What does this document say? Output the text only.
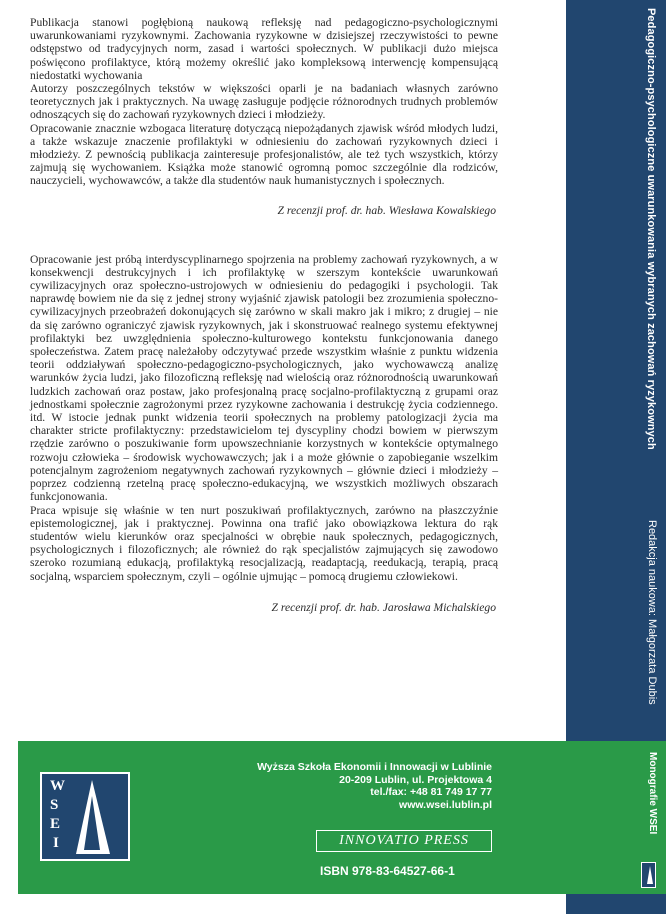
Publikacja stanowi pogłębioną naukową refleksję nad pedagogiczno-psychologicznymi uwarunkowaniami ryzykownymi. Zachowania ryzykowne w dzisiejszej rzeczywistości to pewne odstępstwo od tradycyjnych norm, zasad i wartości społecznych. W publikacji dużo miejsca poświęcono profilaktyce, którą możemy określić jako kompleksową interwencję kompensującą niedostatki wychowania

Autorzy poszczególnych tekstów w większości oparli je na badaniach własnych zarówno teoretycznych jak i praktycznych. Na uwagę zasługuje podjęcie różnorodnych trudnych problemów odnoszących się do zachowań ryzykownych dzieci i młodzieży.

Opracowanie znacznie wzbogaca literaturę dotyczącą niepożądanych zjawisk wśród młodych ludzi, a także wskazuje znaczenie profilaktyki w odniesieniu do zachowań ryzykownych dzieci i młodzieży. Z pewnością publikacja zainteresuje profesjonalistów, ale też tych wszystkich, którzy zajmują się wychowaniem. Książka może stanowić ogromną pomoc szczególnie dla rodziców, nauczycieli, wychowawców, a także dla studentów nauk humanistycznych i społecznych.

Z recenzji prof. dr. hab. Wiesława Kowalskiego

Opracowanie jest próbą interdyscyplinarnego spojrzenia na problemy zachowań ryzykownych, a w konsekwencji destrukcyjnych i ich profilaktykę w szerszym kontekście uwarunkowań cywilizacyjnych oraz społeczno-ustrojowych w odniesieniu do pedagogiki i psychologii. Tak naprawdę bowiem nie da się z jednej strony wyjaśnić zjawisk patologii bez zrozumienia społeczno-cywilizacyjnych przeobrażeń dokonujących się zarówno w skali makro jak i mikro; z drugiej – nie da się zarówno ograniczyć zjawisk ryzykownych, jak i skonstruować realnego systemu efektywnej profilaktyki bez uwzględnienia społeczno-kulturowego kontekstu funkcjonowania danego społeczeństwa. Zatem pracę należałoby odczytywać przede wszystkim właśnie z punktu widzenia teorii oddziaływań społeczno-pedagogiczno-psychologicznych, jako wychowawczą analizę warunków życia ludzi, jako filozoficzną refleksję nad wielością oraz różnorodnością uwarunkowań ludzkich zachowań oraz postaw, jako profesjonalną pracę socjalno-profilaktyczną z grupami oraz jednostkami społecznie zagrożonymi przez ryzykowne zachowania i destrukcję życia codziennego. itd. W istocie jednak punkt widzenia teorii społecznych na problemy patologizacji życia ma charakter stricte profilaktyczny: przedstawicielom tej dyscypliny chodzi bowiem w pierwszym rzędzie zarówno o poszukiwanie form upowszechnianie korzystnych w kontekście optymalnego rozwoju człowieka – środowisk wychowawczych; jak i a może głównie o zapobieganie wszelkim potencjalnym zagrożeniom negatywnych zachowań ryzykownych – głównie dzieci i młodzieży – poprzez codzienną rzetelną pracę społeczno-edukacyjną, we wszystkich możliwych obszarach funkcjonowania.

Praca wpisuje się właśnie w ten nurt poszukiwań profilaktycznych, zarówno na płaszczyźnie epistemologicznej, jak i praktycznej. Powinna ona trafić jako obowiązkowa lektura do rąk studentów wielu kierunków oraz specjalności w obrębie nauk społecznych, pedagogicznych, psychologicznych i filozoficznych; ale również do rąk specjalistów zajmujących się zawodowo szeroko rozumianą edukacją, profilaktyką resocjalizacją, readaptacją, reedukacją, terapią, pracą socjalną, wsparciem społecznym, czyli – ogólnie ujmując – pomocą drugiemu człowiekowi.

Z recenzji prof. dr. hab. Jarosława Michalskiego
Pedagogiczno-psychologiczne uwarunkowania wybranych zachowań ryzykownych
Redakcja naukowa: Małgorzata Dubis
Monografie WSEI
W
S
E
I
Wyższa Szkoła Ekonomii i Innowacji w Lublinie
20-209 Lublin, ul. Projektowa 4
tel./fax: +48 81 749 17 77
www.wsei.lublin.pl
INNOVATIO PRESS
ISBN 978-83-64527-66-1
